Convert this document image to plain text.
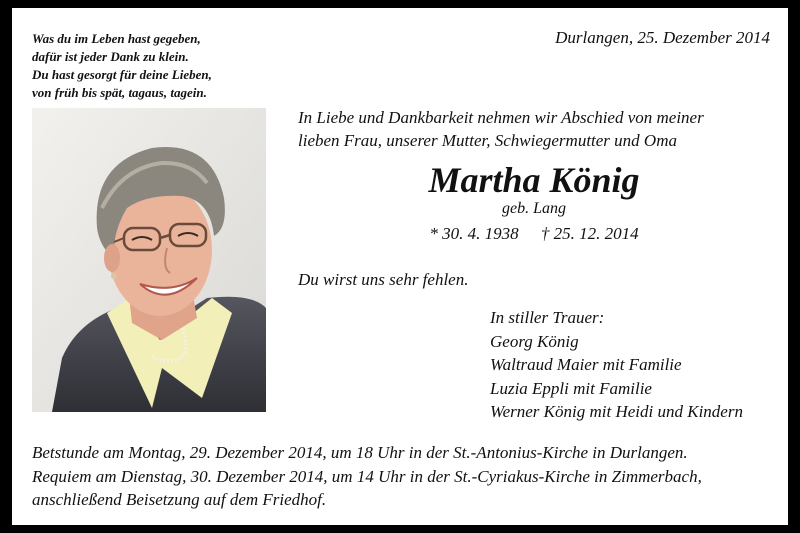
Was du im Leben hast gegeben,
dafür ist jeder Dank zu klein.
Du hast gesorgt für deine Lieben,
von früh bis spät, tagaus, tagein.
Durlangen, 25. Dezember 2014
In Liebe und Dankbarkeit nehmen wir Abschied von meiner
lieben Frau, unserer Mutter, Schwiegermutter und Oma
Martha König
geb. Lang
* 30. 4. 1938 † 25. 12. 2014
Du wirst uns sehr fehlen.
In stiller Trauer:
Georg König
Waltraud Maier mit Familie
Luzia Eppli mit Familie
Werner König mit Heidi und Kindern
Betstunde am Montag, 29. Dezember 2014, um 18 Uhr in der St.-Antonius-Kirche in Durlangen.
Requiem am Dienstag, 30. Dezember 2014, um 14 Uhr in der St.-Cyriakus-Kirche in Zimmerbach,
anschließend Beisetzung auf dem Friedhof.
